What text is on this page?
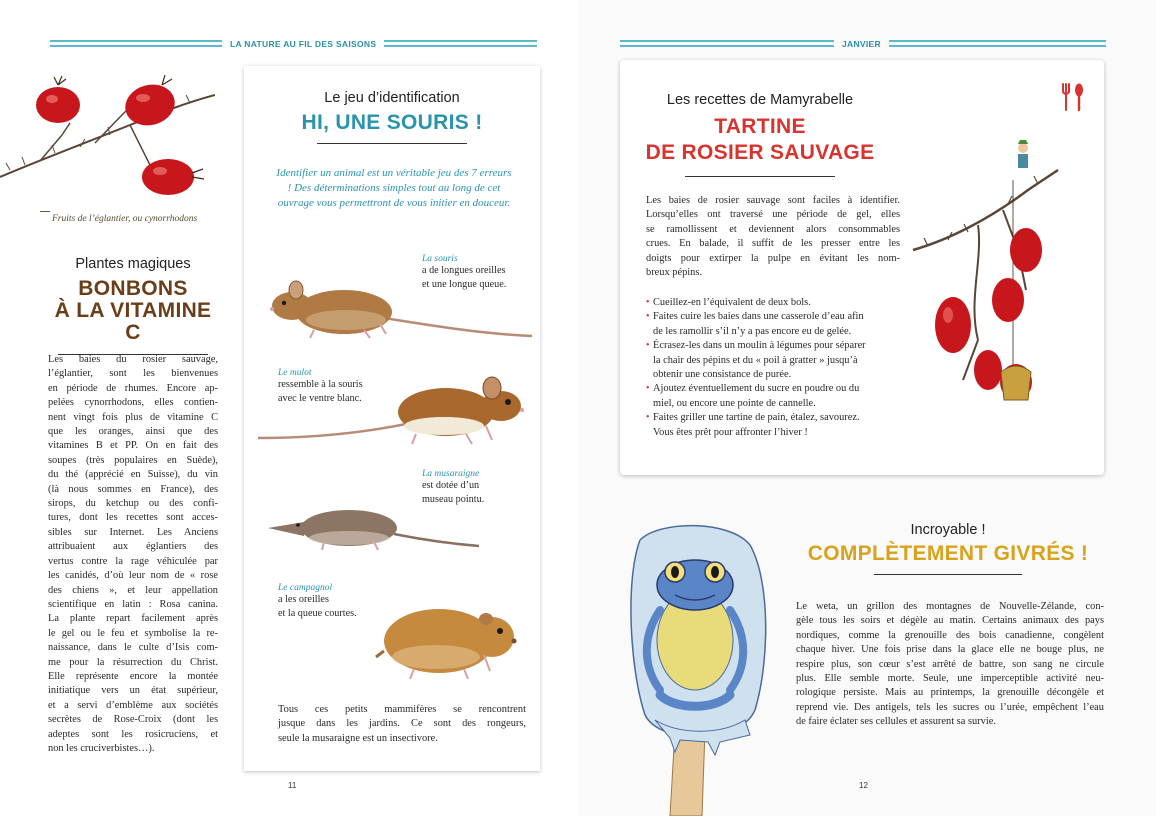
LA NATURE AU FIL DES SAISONS
Fruits de l’églantier, ou cynorrhodons
Plantes magiques
BONBONS
À LA VITAMINE C
Les baies du rosier sauvage,
l’églantier, sont les bienvenues
en période de rhumes. Encore ap-
pelées cynorrhodons, elles contien-
nent vingt fois plus de vitamine C
que les oranges, ainsi que des
vitamines B et PP. On en fait des
soupes (très populaires en Suède),
du thé (apprécié en Suisse), du vin
(là nous sommes en France), des
sirops, du ketchup ou des confi-
tures, dont les recettes sont acces-
sibles sur Internet. Les Anciens
attribuaient aux églantiers des
vertus contre la rage véhiculée par
les canidés, d’où leur nom de « rose
des chiens », et leur appellation
scientifique en latin : Rosa canina.
La plante repart facilement après
le gel ou le feu et symbolise la re-
naissance, dans le culte d’Isis com-
me pour la résurrection du Christ.
Elle représente encore la montée
initiatique vers un état supérieur,
et a servi d’emblème aux sociétés
secrètes de Rose-Croix (dont les
adeptes sont les rosicruciens, et
non les cruciverbistes…).
Le jeu d’identification
HI, UNE SOURIS !
Identifier un animal est un véritable jeu des 7 erreurs ! Des déterminations simples tout au long de cet ouvrage vous permettront de vous initier en douceur.
La souris
a de longues oreilles
et une longue queue.
Le mulot
ressemble à la souris
avec le ventre blanc.
La musaraigne
est dotée d’un
museau pointu.
Le campagnol
a les oreilles
et la queue courtes.
Tous ces petits mammifères se rencontrent
jusque dans les jardins. Ce sont des rongeurs,
seule la musaraigne est un insectivore.
11
JANVIER
12
Les recettes de Mamyrabelle
TARTINE
DE ROSIER SAUVAGE
Les baies de rosier sauvage sont faciles à identifier.
Lorsqu’elles ont traversé une période de gel, elles
se ramollissent et deviennent alors consommables
crues. En balade, il suffit de les presser entre les
doigts pour extirper la pulpe en évitant les nom-
breux pépins.
• Cueillez-en l’équivalent de deux bols.
• Faites cuire les baies dans une casserole d’eau afin
de les ramollir s’il n’y a pas encore eu de gelée.
• Écrasez-les dans un moulin à légumes pour séparer
la chair des pépins et du « poil à gratter » jusqu’à
obtenir une consistance de purée.
• Ajoutez éventuellement du sucre en poudre ou du
miel, ou encore une pointe de cannelle.
• Faites griller une tartine de pain, étalez, savourez.
Vous êtes prêt pour affronter l’hiver !
Incroyable !
COMPLÈTEMENT GIVRÉS !
Le weta, un grillon des montagnes de Nouvelle-Zélande, con-
gèle tous les soirs et dégèle au matin. Certains animaux des pays
nordiques, comme la grenouille des bois canadienne, congèlent
chaque hiver. Une fois prise dans la glace elle ne bouge plus, ne
respire plus, son cœur s’est arrêté de battre, son sang ne circule
plus. Elle semble morte. Seule, une imperceptible activité neu-
rologique persiste. Mais au printemps, la grenouille décongèle et
reprend vie. Des antigels, tels les sucres ou l’urée, empêchent l’eau
de faire éclater ses cellules et assurent sa survie.
